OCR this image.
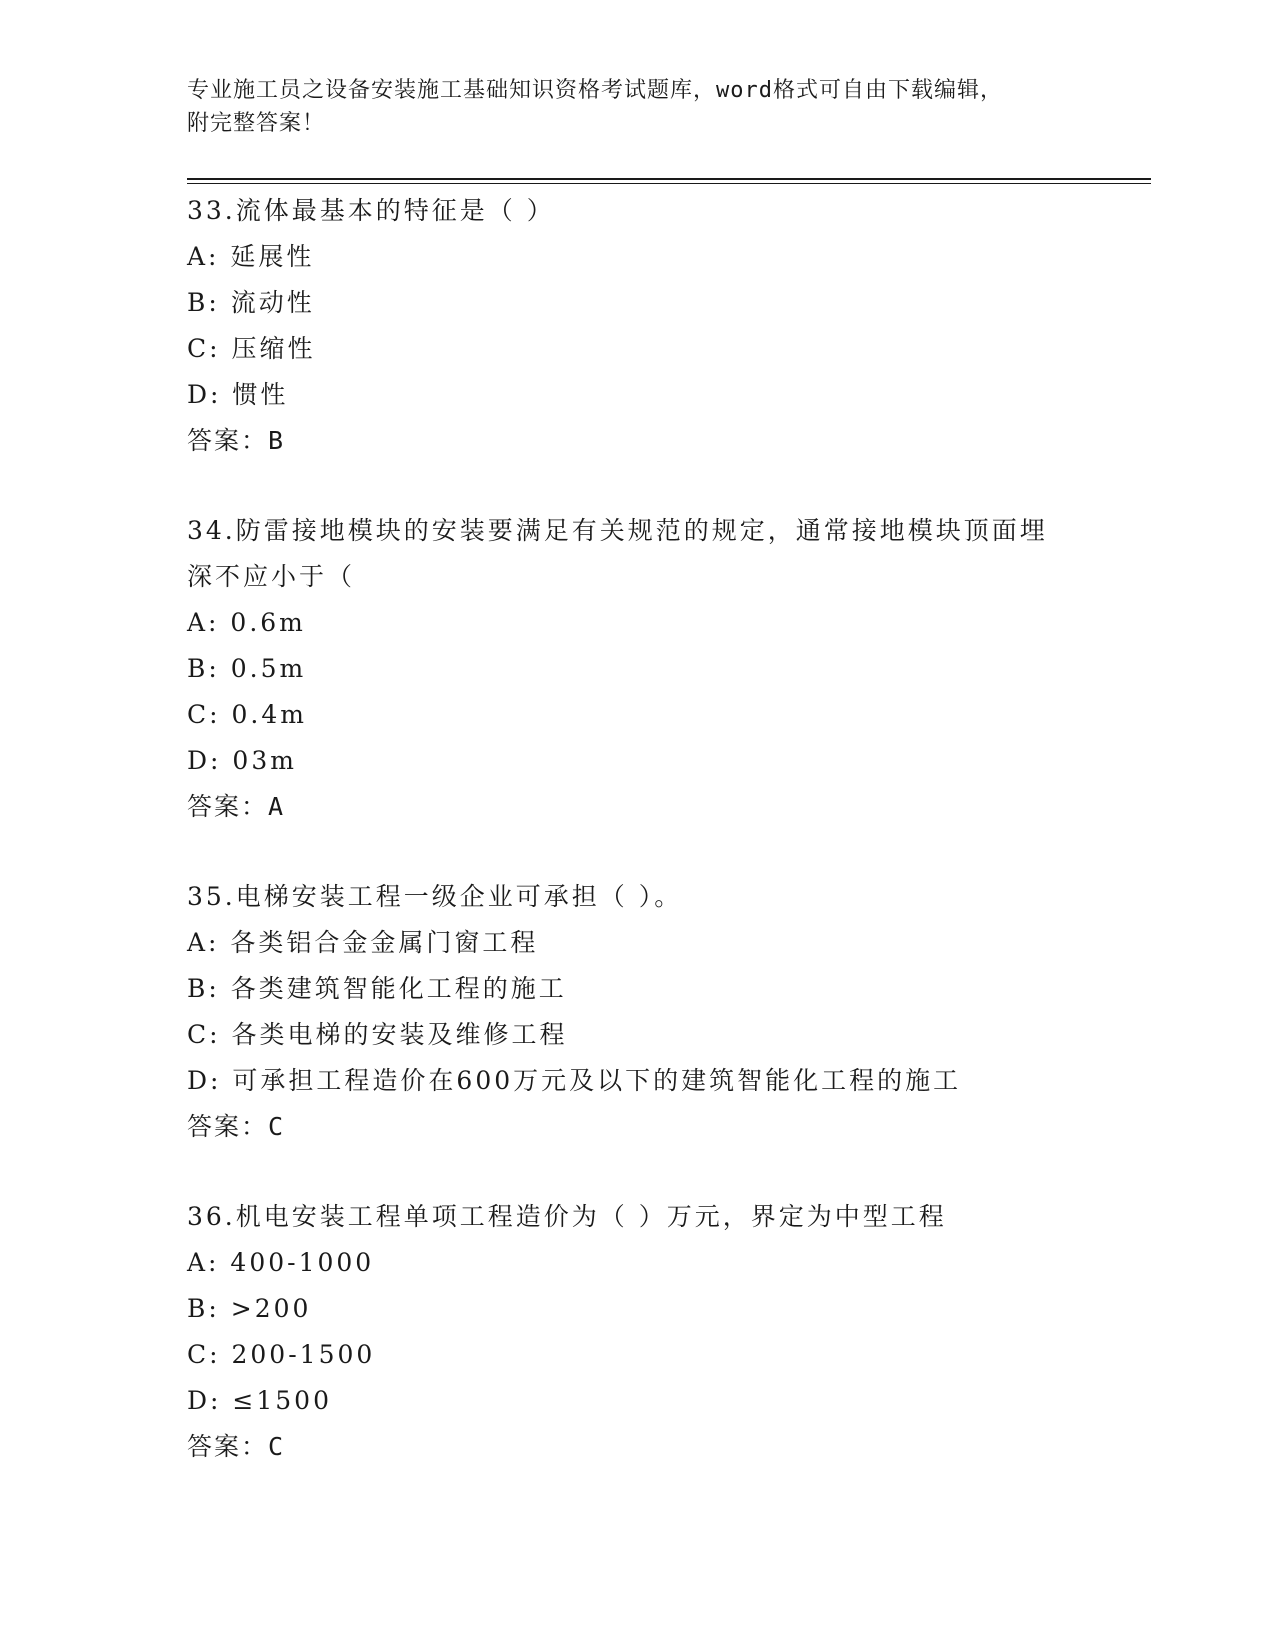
专业施工员之设备安装施工基础知识资格考试题库，word格式可自由下载编辑，
附完整答案！
33.流体最基本的特征是（ ）
A: 延展性
B: 流动性
C: 压缩性
D: 惯性
答案：B
34.防雷接地模块的安装要满足有关规范的规定，通常接地模块顶面埋
深不应小于（
A: 0.6m
B: 0.5m
C: 0.4m
D: 03m
答案：A
35.电梯安装工程一级企业可承担（ ）。
A: 各类铝合金金属门窗工程
B: 各类建筑智能化工程的施工
C: 各类电梯的安装及维修工程
D: 可承担工程造价在600万元及以下的建筑智能化工程的施工
答案：C
36.机电安装工程单项工程造价为（ ）万元，界定为中型工程
A: 400-1000
B: >200
C: 200-1500
D: ≤1500
答案：C
